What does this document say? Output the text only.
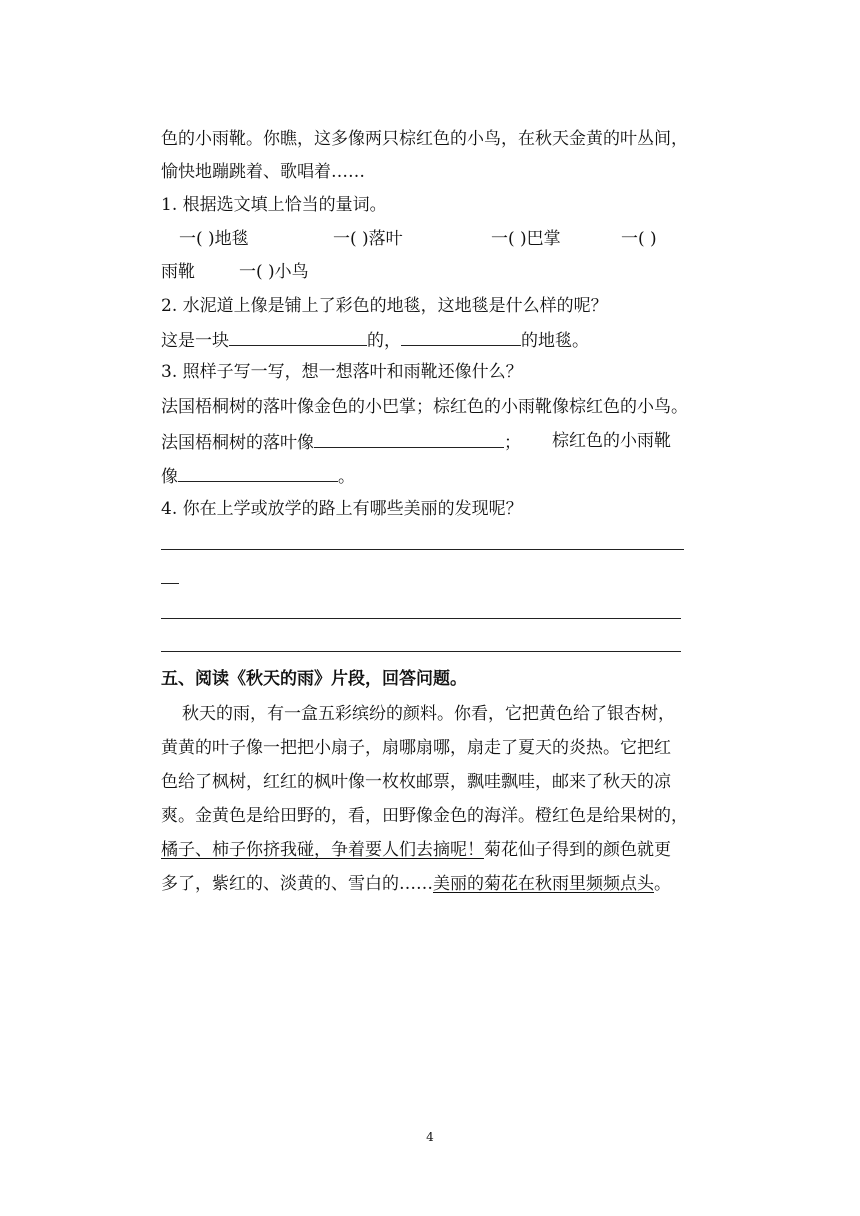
色的小雨靴。你瞧，这多像两只棕红色的小鸟，在秋天金黄的叶丛间，
愉快地蹦跳着、歌唱着……
1. 根据选文填上恰当的量词。
一( )地毯	一( )落叶	一( )巴掌	一( )
雨靴	一( )小鸟
2. 水泥道上像是铺上了彩色的地毯，这地毯是什么样的呢？
这是一块	的，	的地毯。
3. 照样子写一写，想一想落叶和雨靴还像什么？
法国梧桐树的落叶像金色的小巴掌；棕红色的小雨靴像棕红色的小鸟。
法国梧桐树的落叶像	； 棕红色的小雨靴
像	。
4. 你在上学或放学的路上有哪些美丽的发现呢？
五、阅读《秋天的雨》片段，回答问题。
秋天的雨，有一盒五彩缤纷的颜料。你看，它把黄色给了银杏树，
黄黄的叶子像一把把小扇子，扇哪扇哪，扇走了夏天的炎热。它把红
色给了枫树，红红的枫叶像一枚枚邮票，飘哇飘哇，邮来了秋天的凉
爽。金黄色是给田野的，看，田野像金色的海洋。橙红色是给果树的，
橘子、柿子你挤我碰，争着要人们去摘呢！菊花仙子得到的颜色就更
多了，紫红的、淡黄的、雪白的……美丽的菊花在秋雨里频频点头。
4
